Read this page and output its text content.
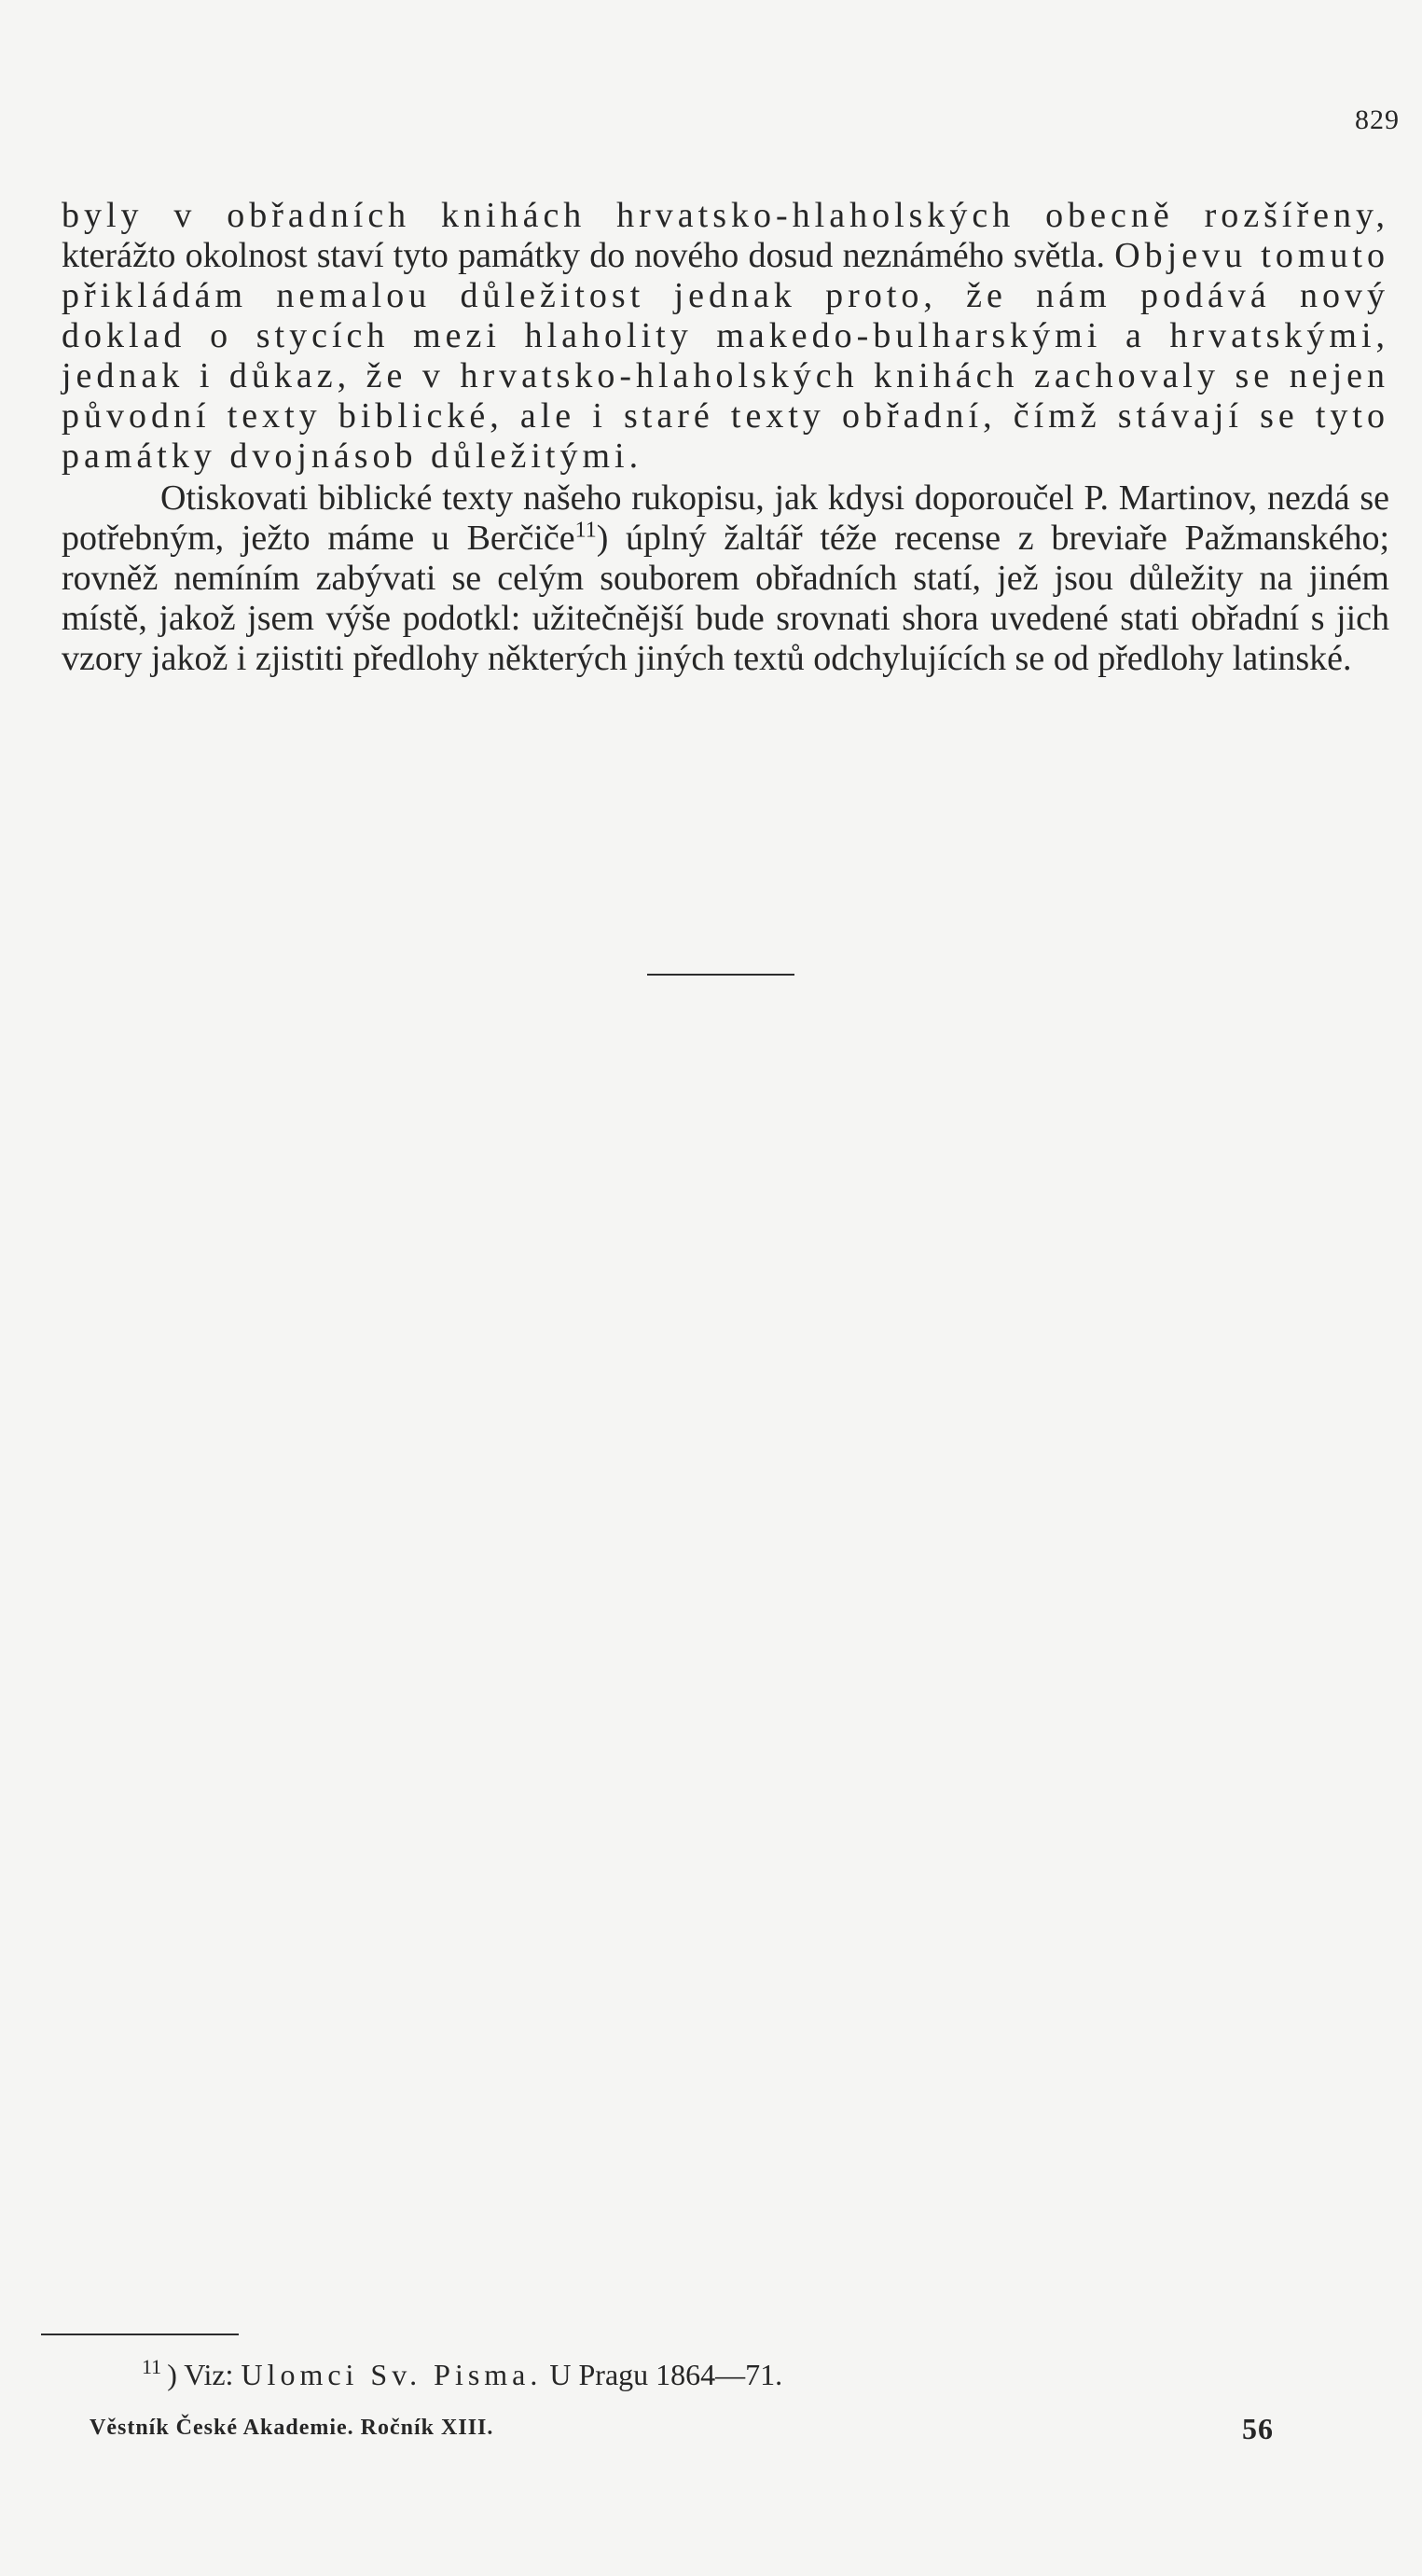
829

byly v obřadních knihách hrvatsko-hlaholských obecně rozšířeny, kterážto okolnost staví tyto památky do nového dosud neznámého světla. Objevu tomuto přikládám nemalou důležitost jednak proto, že nám podává nový doklad o stycích mezi hlaholity makedo-bulharskými a hrvatskými, jednak i důkaz, že v hrvatsko-hlaholských knihách zachovaly se nejen původní texty biblické, ale i staré texty obřadní, čímž stávají se tyto památky dvojnásob důležitými.

Otiskovati biblické texty našeho rukopisu, jak kdysi doporoučel P. Martinov, nezdá se potřebným, ježto máme u Berčiče$^{11}$) úplný žaltář téže recense z breviaře Pažmanského; rovněž nemíním zabývati se celým souborem obřadních statí, jež jsou důležity na jiném místě, jakož jsem výše podotkl: užitečnější bude srovnati shora uvedené stati obřadní s jich vzory jakož i zjistiti předlohy některých jiných textů odchylujících se od předlohy latinské.

$^{11}$ ) Viz: Ulomci Sv. Pisma. U Pragu 1864—71.
Věstník České Akademie. Ročník XIII.	56
